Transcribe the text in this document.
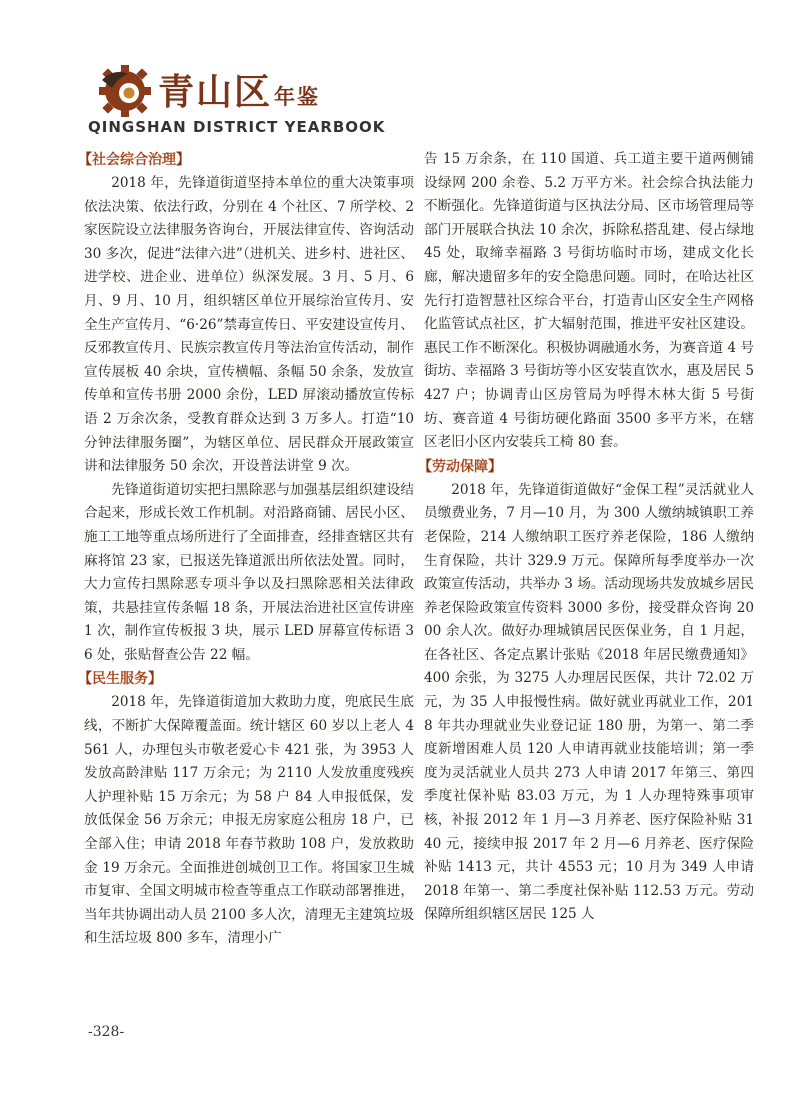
青山区年鉴
QINGSHAN DISTRICT YEARBOOK
【社会综合治理】

2018 年，先锋道街道坚持本单位的重大决策事项依法决策、依法行政，分别在 4 个社区、7 所学校、2 家医院设立法律服务咨询台，开展法律宣传、咨询活动 30 多次，促进“法律六进”（进机关、进乡村、进社区、进学校、进企业、进单位）纵深发展。3 月、5 月、6 月、9 月、10 月，组织辖区单位开展综治宣传月、安全生产宣传月、“6·26”禁毒宣传日、平安建设宣传月、反邪教宣传月、民族宗教宣传月等法治宣传活动，制作宣传展板 40 余块，宣传横幅、条幅 50 余条，发放宣传单和宣传书册 2000 余份，LED 屏滚动播放宣传标语 2 万余次条，受教育群众达到 3 万多人。打造“10 分钟法律服务圈”，为辖区单位、居民群众开展政策宣讲和法律服务 50 余次，开设普法讲堂 9 次。

先锋道街道切实把扫黑除恶与加强基层组织建设结合起来，形成长效工作机制。对沿路商铺、居民小区、施工工地等重点场所进行了全面排查，经排查辖区共有麻将馆 23 家，已报送先锋道派出所依法处置。同时，大力宣传扫黑除恶专项斗争以及扫黑除恶相关法律政策，共悬挂宣传条幅 18 条，开展法治进社区宣传讲座 1 次，制作宣传板报 3 块，展示 LED 屏幕宣传标语 36 处，张贴督查公告 22 幅。

【民生服务】

2018 年，先锋道街道加大救助力度，兜底民生底线，不断扩大保障覆盖面。统计辖区 60 岁以上老人 4561 人，办理包头市敬老爱心卡 421 张，为 3953 人发放高龄津贴 117 万余元；为 2110 人发放重度残疾人护理补贴 15 万余元；为 58 户 84 人申报低保，发放低保金 56 万余元；申报无房家庭公租房 18 户，已全部入住；申请 2018 年春节救助 108 户，发放救助金 19 万余元。全面推进创城创卫工作。将国家卫生城市复审、全国文明城市检查等重点工作联动部署推进，当年共协调出动人员 2100 多人次，清理无主建筑垃圾和生活垃圾 800 多车，清理小广

告 15 万余条，在 110 国道、兵工道主要干道两侧铺设绿网 200 余卷、5.2 万平方米。社会综合执法能力不断强化。先锋道街道与区执法分局、区市场管理局等部门开展联合执法 10 余次，拆除私搭乱建、侵占绿地 45 处，取缔幸福路 3 号街坊临时市场，建成文化长廊，解决遗留多年的安全隐患问题。同时，在哈达社区先行打造智慧社区综合平台，打造青山区安全生产网格化监管试点社区，扩大辐射范围，推进平安社区建设。惠民工作不断深化。积极协调融通水务，为赛音道 4 号街坊、幸福路 3 号街坊等小区安装直饮水，惠及居民 5427 户；协调青山区房管局为呼得木林大街 5 号街坊、赛音道 4 号街坊硬化路面 3500 多平方米，在辖区老旧小区内安装兵工椅 80 套。

【劳动保障】

2018 年，先锋道街道做好“金保工程”灵活就业人员缴费业务，7 月—10 月，为 300 人缴纳城镇职工养老保险，214 人缴纳职工医疗养老保险，186 人缴纳生育保险，共计 329.9 万元。保障所每季度举办一次政策宣传活动，共举办 3 场。活动现场共发放城乡居民养老保险政策宣传资料 3000 多份，接受群众咨询 2000 余人次。做好办理城镇居民医保业务，自 1 月起，在各社区、各定点累计张贴《2018 年居民缴费通知》400 余张，为 3275 人办理居民医保，共计 72.02 万元，为 35 人申报慢性病。做好就业再就业工作，2018 年共办理就业失业登记证 180 册，为第一、第二季度新增困难人员 120 人申请再就业技能培训；第一季度为灵活就业人员共 273 人申请 2017 年第三、第四季度社保补贴 83.03 万元，为 1 人办理特殊事项审核，补报 2012 年 1 月—3 月养老、医疗保险补贴 3140 元，接续申报 2017 年 2 月—6 月养老、医疗保险补贴 1413 元，共计 4553 元；10 月为 349 人申请 2018 年第一、第二季度社保补贴 112.53 万元。劳动保障所组织辖区居民 125 人

-328-
